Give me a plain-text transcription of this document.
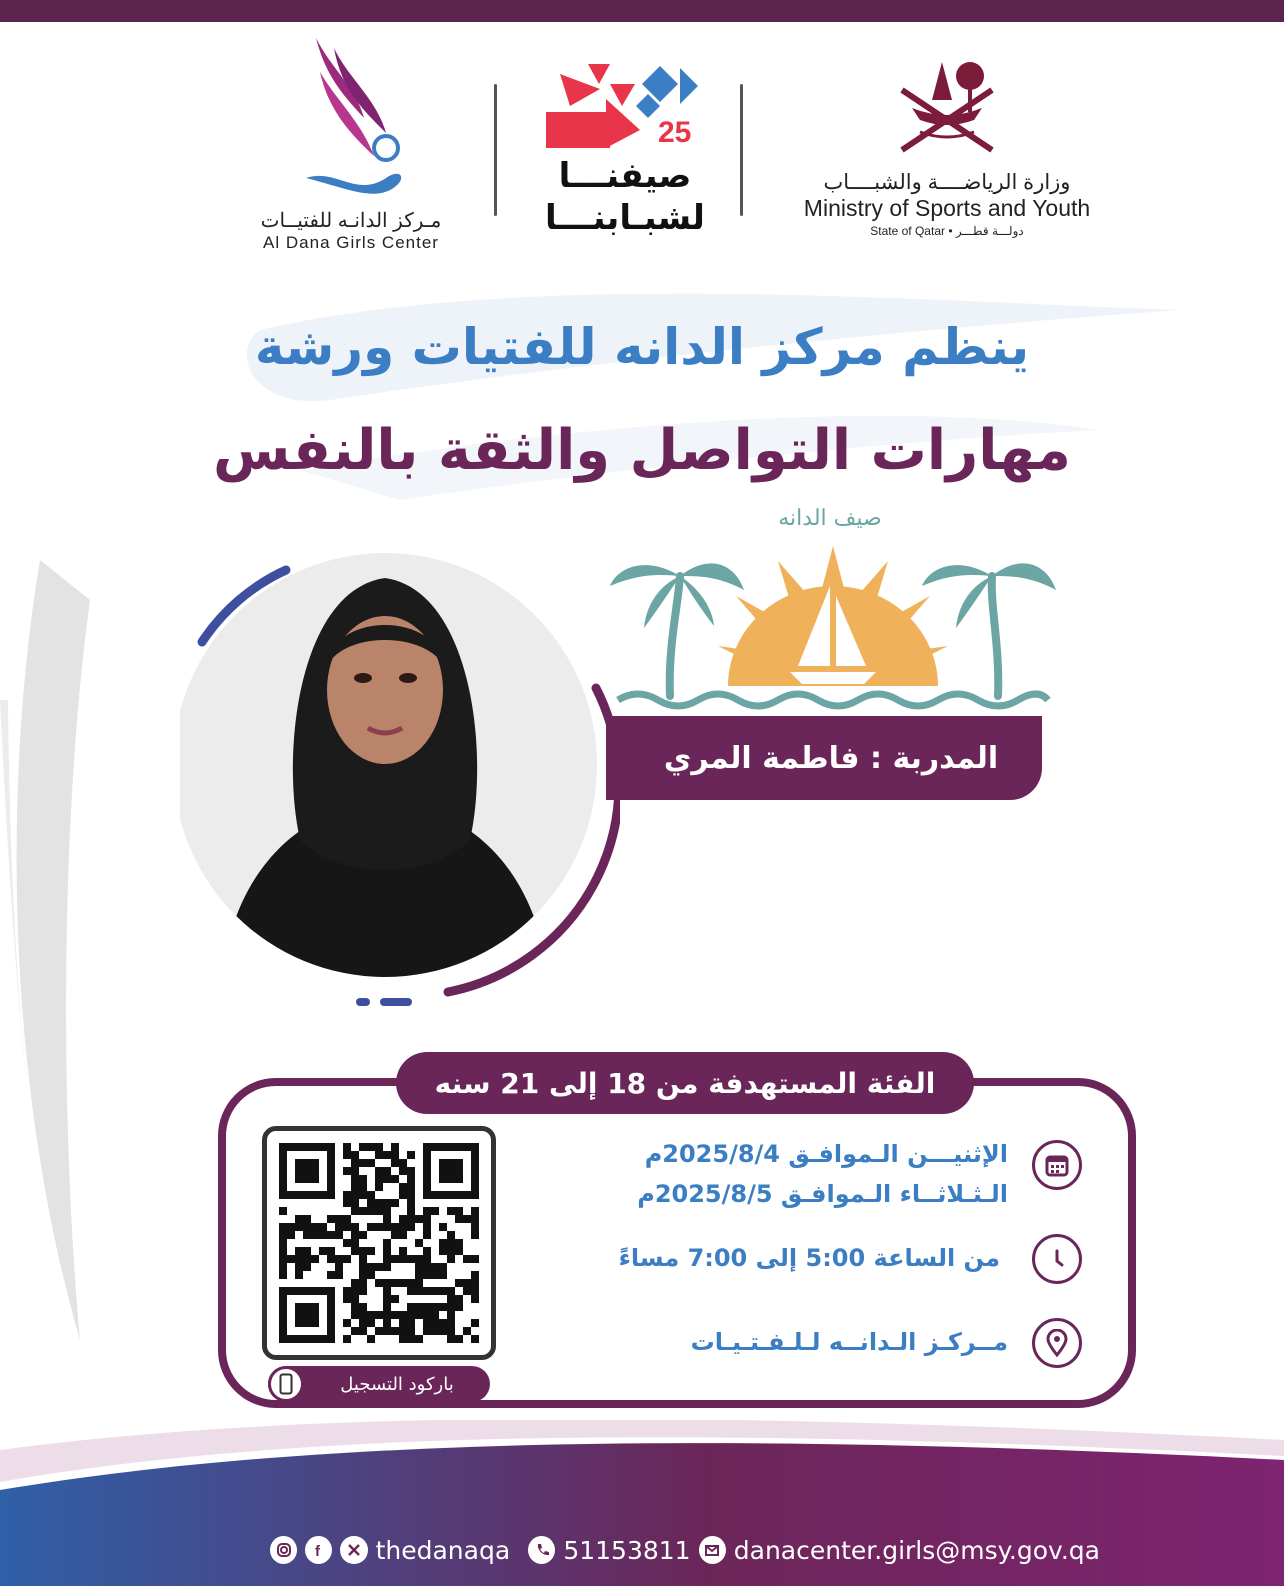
وزارة الرياضــــة والشبــــاب
Ministry of Sports and Youth
State of Qatar • دولـــة قطـــر
25
صيفنـــا
لشبـابنـــا
مـركز الدانـه للفتيــات
Al Dana Girls Center
ينظم مركز الدانه للفتيات ورشة
مهارات التواصل والثقة بالنفس
صيف الدانه
المدربة : فاطمة المري
الفئة المستهدفة من 18 إلى 21 سنه
الإثنيـــن الـموافـق 2025/8/4م
الـثـلاثــاء الـموافـق 2025/8/5م
من الساعة 5:00 إلى 7:00 مساءً
مــركـز الـدانــه لـلـفـتـيـات
باركود التسجيل
f thedanaqa 51153811 danacenter.girls@msy.gov.qa
